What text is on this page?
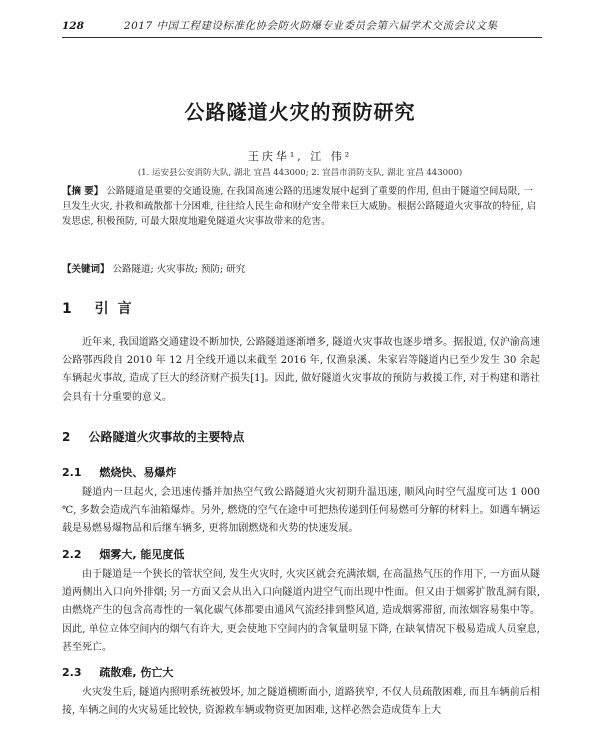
128	2017 中国工程建设标准化协会防火防爆专业委员会第六届学术交流会议文集
公路隧道火灾的预防研究
王庆华¹, 江 伟²
(1. 运安县公安消防大队, 湖北 宜昌 443000; 2. 宜昌市消防支队, 湖北 宜昌 443000)
【摘 要】 公路隧道是重要的交通设施, 在我国高速公路的迅速发展中起到了重要的作用, 但由于隧道空间局限, 一旦发生火灾, 扑救和疏散都十分困难, 往往给人民生命和财产安全带来巨大威胁。根据公路隧道火灾事故的特征, 启发思虑, 积极预防, 可最大限度地避免隧道火灾事故带来的危害。
【关键词】 公路隧道; 火灾事故; 预防; 研究
1 引 言
近年来, 我国道路交通建设不断加快, 公路隧道逐渐增多, 隧道火灾事故也逐步增多。据报道, 仅沪渝高速公路鄂西段自 2010 年 12 月全线开通以来截至 2016 年, 仅渔泉溪、朱家岩等隧道内已至少发生 30 余起车辆起火事故, 造成了巨大的经济财产损失[1]。因此, 做好隧道火灾事故的预防与救援工作, 对于构建和谐社会具有十分重要的意义。
2 公路隧道火灾事故的主要特点
2.1 燃烧快、易爆炸
隧道内一旦起火, 会迅速传播并加热空气致公路隧道火灾初期升温迅速, 顺风向时空气温度可达 1 000 ℃, 多数会造成汽车油箱爆炸。另外, 燃烧的空气在途中可把热传递到任何易燃可分解的材料上。如遇车辆运载是易燃易爆物品和后继车辆多, 更将加剧燃烧和火势的快速发展。
2.2 烟雾大, 能见度低
由于隧道是一个狭长的管状空间, 发生火灾时, 火灾区就会充满浓烟, 在高温热气压的作用下, 一方面从隧道两侧出入口向外排烟; 另一方面又会从出入口向隧道内进空气而出现中性面。但又由于烟雾扩散乱洞有限, 由燃烧产生的包含高毒性的一氧化碳气体都要由通风气流经排到整风道, 造成烟雾滞留, 而浓烟容易集中等。因此, 单位立体空间内的烟气有许大, 更会使地下空间内的含氧量明显下降, 在缺氧情况下极易造成人员窒息, 甚至死亡。
2.3 疏散难, 伤亡大
火灾发生后, 隧道内照明系统被毁坏, 加之隧道横断面小, 道路狭窄, 不仅人员疏散困难, 而且车辆前后相接, 车辆之间的火灾易延比较快, 资源救车辆或物资更加困难, 这样必然会造成货车上大
